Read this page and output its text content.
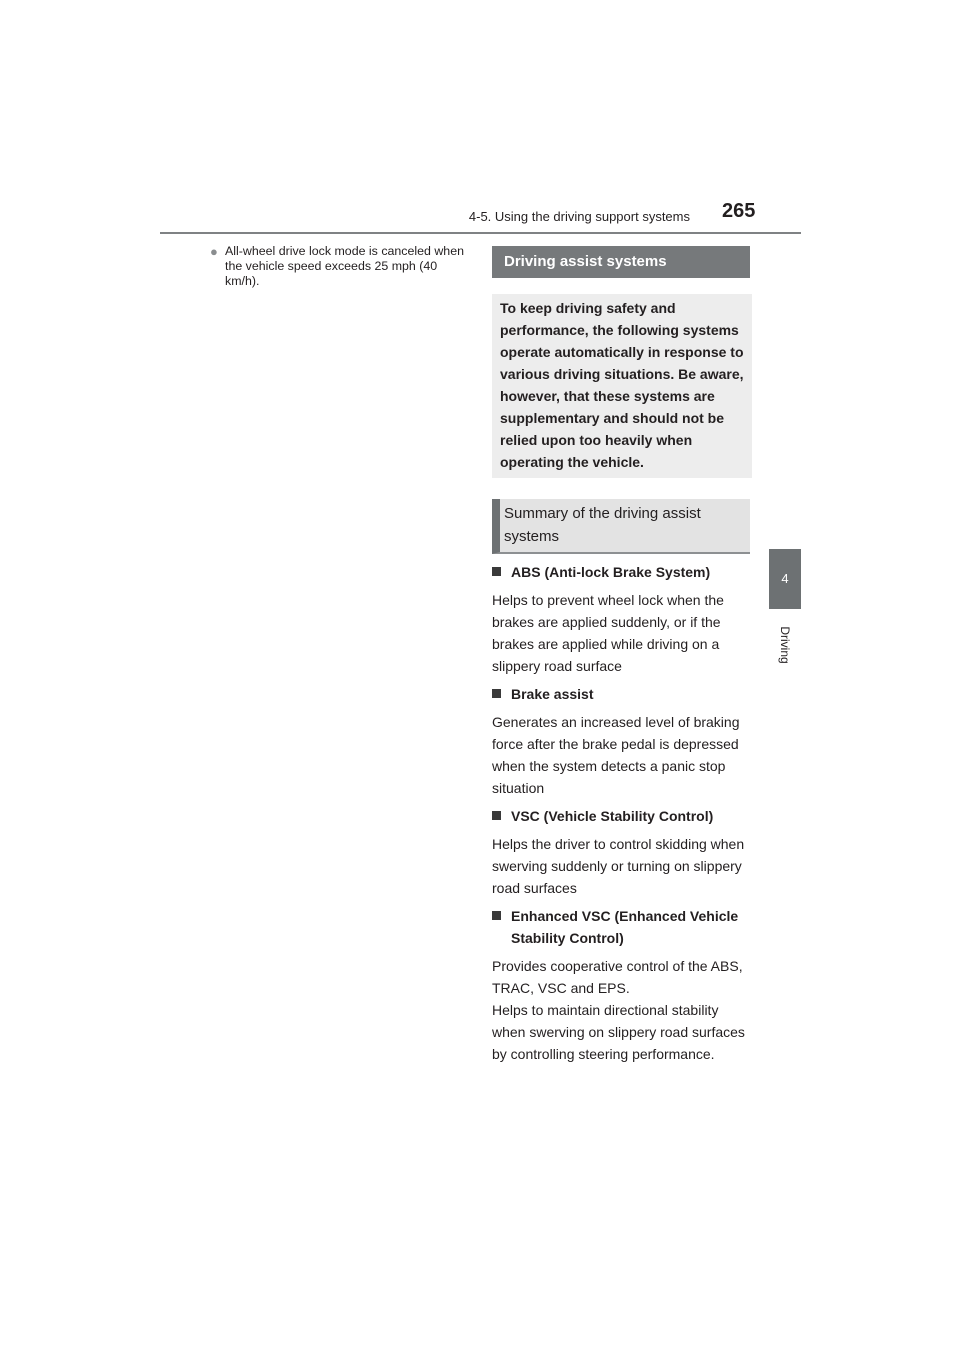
4-5. Using the driving support systems 265
4
Driving
● All-wheel drive lock mode is canceled when the vehicle speed exceeds 25 mph (40 km/h).
Driving assist systems
To keep driving safety and performance, the following systems operate automatically in response to various driving situations. Be aware, however, that these systems are supplementary and should not be relied upon too heavily when operating the vehicle.
Summary of the driving assist systems
ABS (Anti-lock Brake System)
Helps to prevent wheel lock when the brakes are applied suddenly, or if the brakes are applied while driving on a slippery road surface
Brake assist
Generates an increased level of braking force after the brake pedal is depressed when the system detects a panic stop situation
VSC (Vehicle Stability Control)
Helps the driver to control skidding when swerving suddenly or turning on slippery road surfaces
Enhanced VSC (Enhanced Vehicle Stability Control)
Provides cooperative control of the ABS, TRAC, VSC and EPS.
Helps to maintain directional stability when swerving on slippery road surfaces by controlling steering performance.
